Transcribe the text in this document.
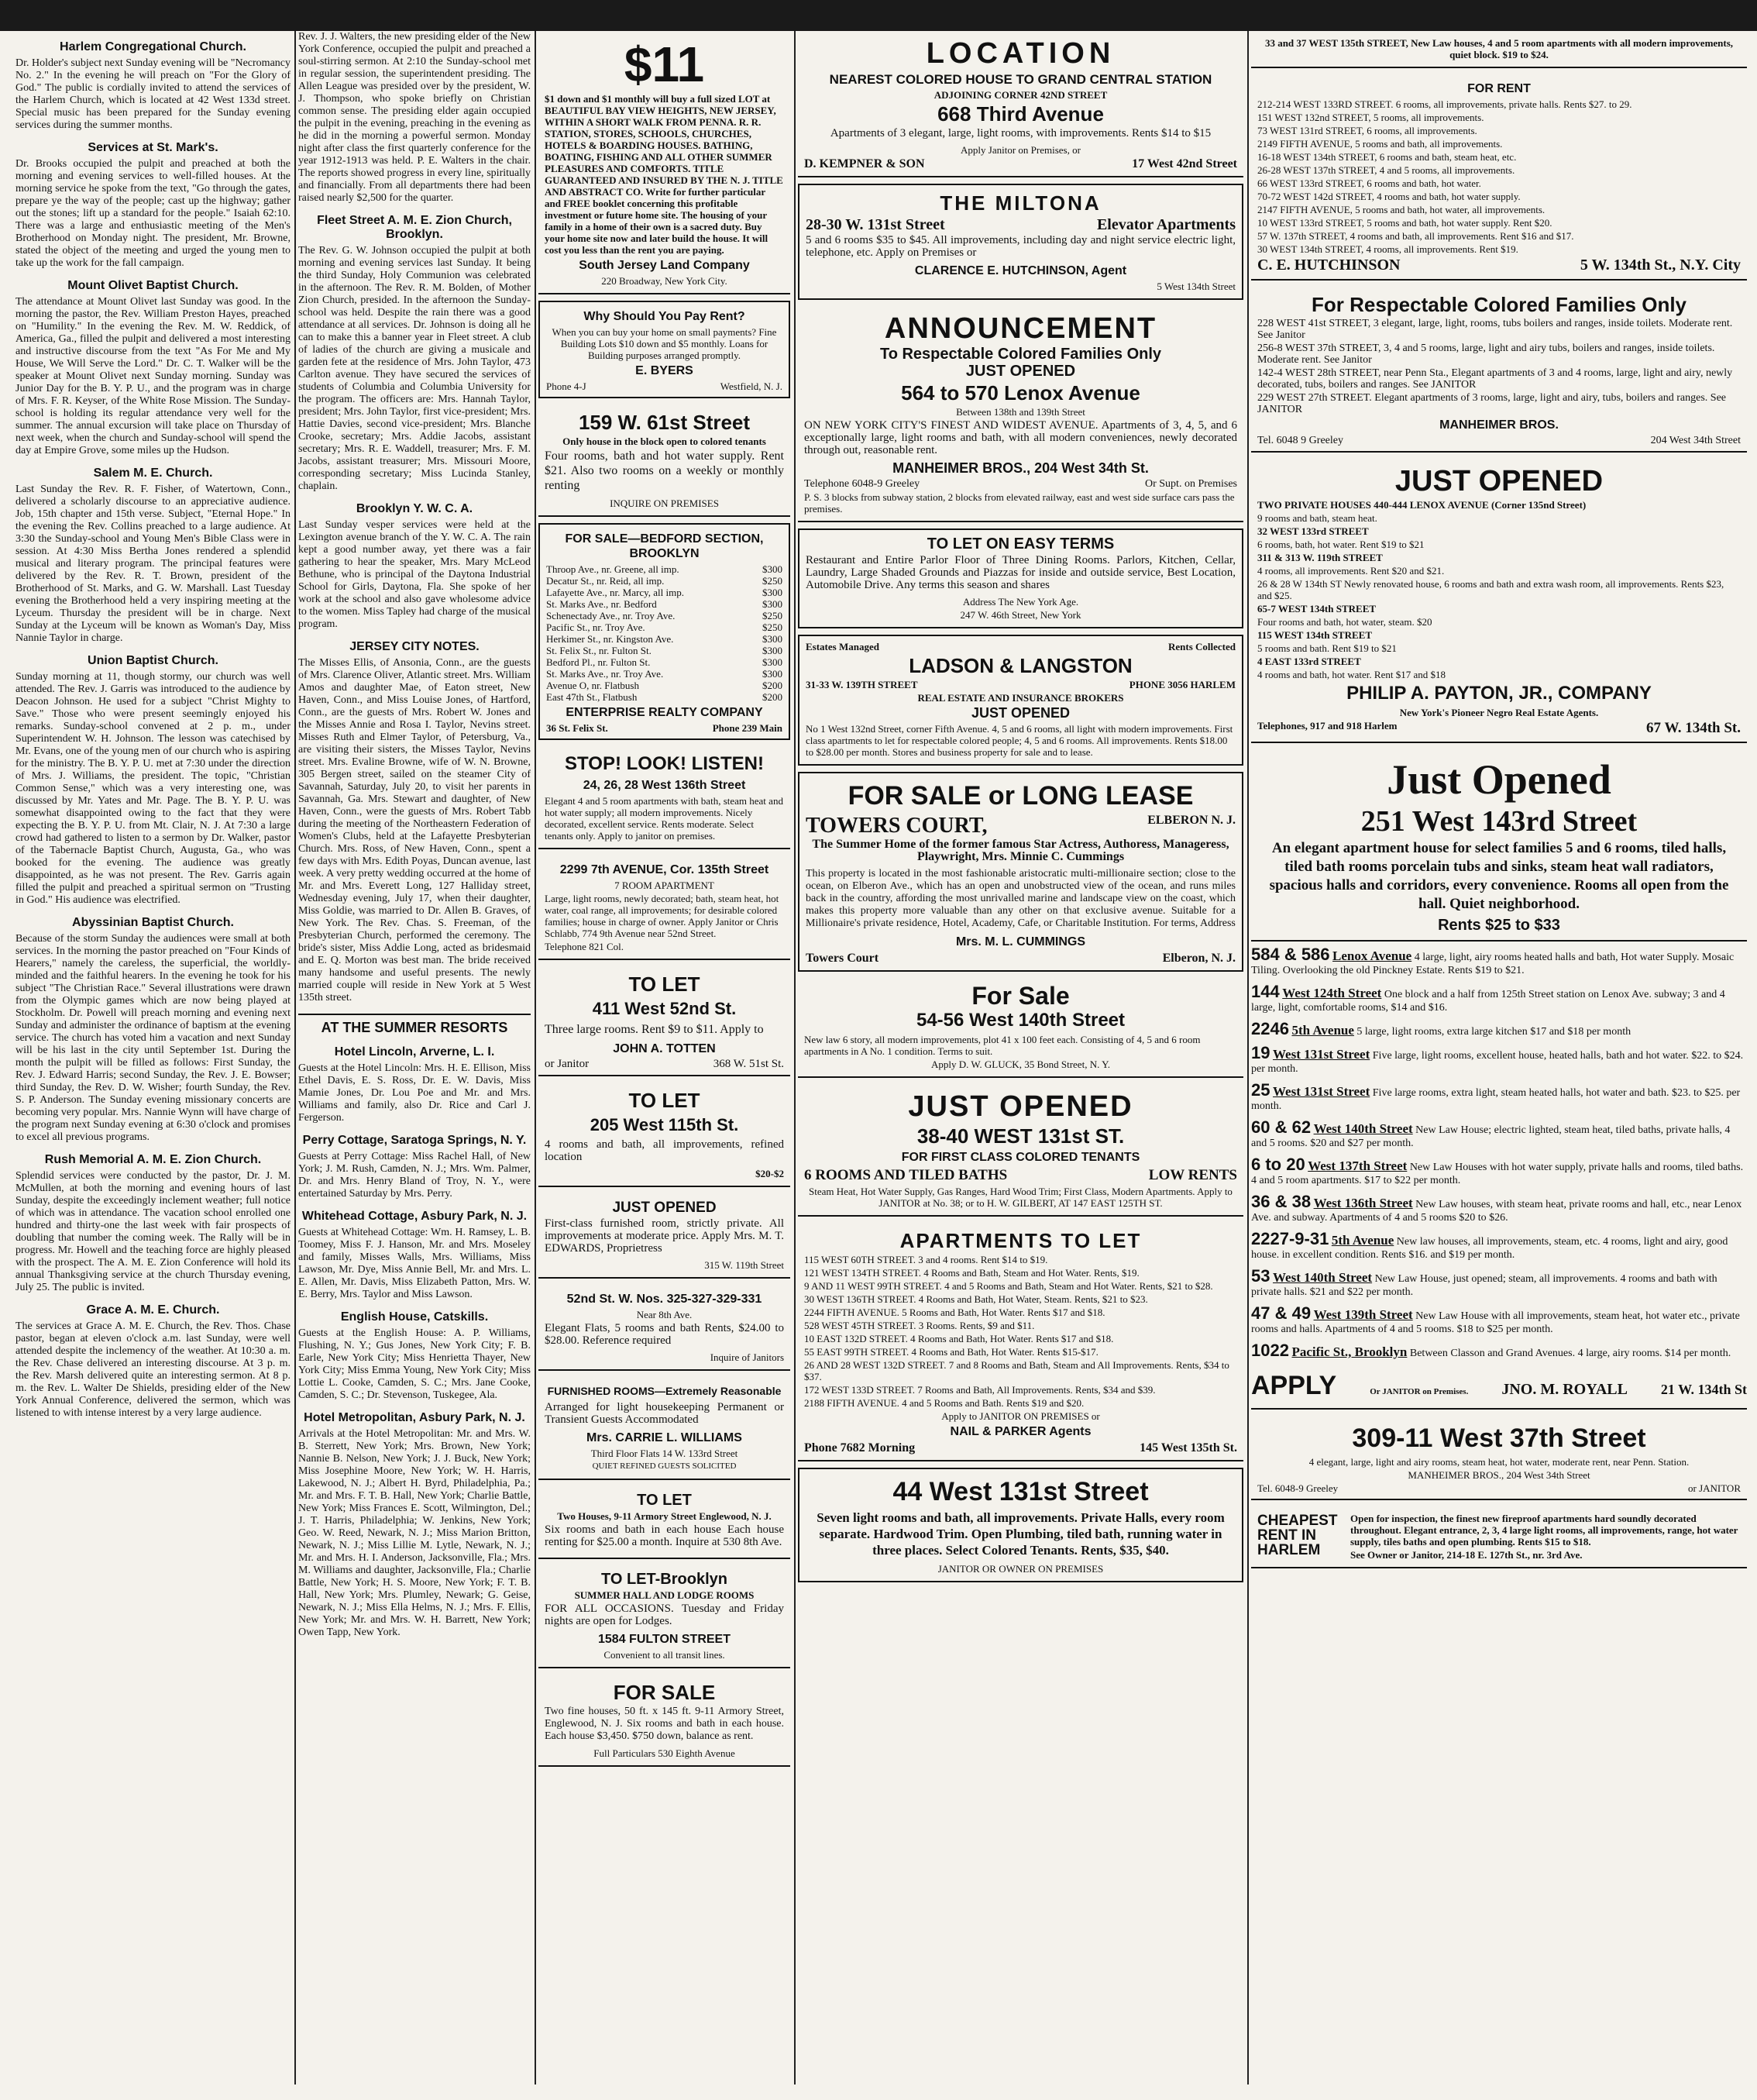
Harlem Congregational Church.

Dr. Holder's subject next Sunday evening will be "Necromancy No. 2." In the evening he will preach on "For the Glory of God." The public is cordially invited to attend the services of the Harlem Church, which is located at 42 West 133d street. Special music has been prepared for the Sunday evening services during the summer months.

Services at St. Mark's.

Dr. Brooks occupied the pulpit and preached at both the morning and evening services to well-filled houses. At the morning service he spoke from the text, "Go through the gates, prepare ye the way of the people; cast up the highway; gather out the stones; lift up a standard for the people." Isaiah 62:10. There was a large and enthusiastic meeting of the Men's Brotherhood on Monday night. The president, Mr. Browne, stated the object of the meeting and urged the young men to take up the work for the fall campaign.

Mount Olivet Baptist Church.

The attendance at Mount Olivet last Sunday was good. In the morning the pastor, the Rev. William Preston Hayes, preached on "Humility." In the evening the Rev. M. W. Reddick, of America, Ga., filled the pulpit and delivered a most interesting and instructive discourse from the text "As For Me and My House, We Will Serve the Lord." Dr. C. T. Walker will be the speaker at Mount Olivet next Sunday morning. Sunday was Junior Day for the B. Y. P. U., and the program was in charge of Mrs. F. R. Keyser, of the White Rose Mission. The Sunday-school is holding its regular attendance very well for the summer. The annual excursion will take place on Thursday of next week, when the church and Sunday-school will spend the day at Empire Grove, some miles up the Hudson.

Salem M. E. Church.

Last Sunday the Rev. R. F. Fisher, of Watertown, Conn., delivered a scholarly discourse to an appreciative audience. Job, 15th chapter and 15th verse. Subject, "Eternal Hope." In the evening the Rev. Collins preached to a large audience. At 3:30 the Sunday-school and Young Men's Bible Class were in session. At 4:30 Miss Bertha Jones rendered a splendid musical and literary program. The principal features were delivered by the Rev. R. T. Brown, president of the Brotherhood of St. Marks, and G. W. Marshall. Last Tuesday evening the Brotherhood held a very inspiring meeting at the Lyceum. Thursday the president will be in charge. Next Sunday at the Lyceum will be known as Woman's Day, Miss Nannie Taylor in charge.

Union Baptist Church.

Sunday morning at 11, though stormy, our church was well attended. The Rev. J. Garris was introduced to the audience by Deacon Johnson. He used for a subject "Christ Mighty to Save." Those who were present seemingly enjoyed his remarks. Sunday-school convened at 2 p. m., under Superintendent W. H. Johnson. The lesson was catechised by Mr. Evans, one of the young men of our church who is aspiring for the ministry. The B. Y. P. U. met at 7:30 under the direction of Mrs. J. Williams, the president. The topic, "Christian Common Sense," which was a very interesting one, was discussed by Mr. Yates and Mr. Page. The B. Y. P. U. was somewhat disappointed owing to the fact that they were expecting the B. Y. P. U. from Mt. Clair, N. J. At 7:30 a large crowd had gathered to listen to a sermon by Dr. Walker, pastor of the Tabernacle Baptist Church, Augusta, Ga., who was booked for the evening. The audience was greatly disappointed, as he was not present. The Rev. Garris again filled the pulpit and preached a spiritual sermon on "Trusting in God." His audience was electrified.

Abyssinian Baptist Church.

Because of the storm Sunday the audiences were small at both services. In the morning the pastor preached on "Four Kinds of Hearers," namely the careless, the superficial, the worldly-minded and the faithful hearers. In the evening he took for his subject "The Christian Race." Several illustrations were drawn from the Olympic games which are now being played at Stockholm. Dr. Powell will preach morning and evening next Sunday and administer the ordinance of baptism at the evening service. The church has voted him a vacation and next Sunday will be his last in the city until September 1st. During the month the pulpit will be filled as follows: First Sunday, the Rev. J. Edward Harris; second Sunday, the Rev. J. E. Bowser; third Sunday, the Rev. D. W. Wisher; fourth Sunday, the Rev. S. P. Anderson. The Sunday evening missionary concerts are becoming very popular. Mrs. Nannie Wynn will have charge of the program next Sunday evening at 6:30 o'clock and promises to excel all previous programs.

Rush Memorial A. M. E. Zion Church.

Splendid services were conducted by the pastor, Dr. J. M. McMullen, at both the morning and evening hours of last Sunday, despite the exceedingly inclement weather; full notice of which was in attendance. The vacation school enrolled one hundred and thirty-one the last week with fair prospects of doubling that number the coming week. The Rally will be in progress. Mr. Howell and the teaching force are highly pleased with the prospect. The A. M. E. Zion Conference will hold its annual Thanksgiving service at the church Thursday evening, July 25. The public is invited.

Grace A. M. E. Church.

The services at Grace A. M. E. Church, the Rev. Thos. Chase pastor, began at eleven o'clock a.m. last Sunday, were well attended despite the inclemency of the weather. At 10:30 a. m. the Rev. Chase delivered an interesting discourse. At 3 p. m. the Rev. Marsh delivered quite an interesting sermon. At 8 p. m. the Rev. L. Walter De Shields, presiding elder of the New York Annual Conference, delivered the sermon, which was listened to with intense interest by a very large audience.

Rev. J. J. Walters, the new presiding elder of the New York Conference, occupied the pulpit and preached a soul-stirring sermon. At 2:10 the Sunday-school met in regular session, the superintendent presiding. The Allen League was presided over by the president, W. J. Thompson, who spoke briefly on Christian common sense. The presiding elder again occupied the pulpit in the evening, preaching in the evening as he did in the morning a powerful sermon. Monday night after class the first quarterly conference for the year 1912-1913 was held. P. E. Walters in the chair. The reports showed progress in every line, spiritually and financially. From all departments there had been raised nearly $2,500 for the quarter.

Fleet Street A. M. E. Zion Church, Brooklyn.

The Rev. G. W. Johnson occupied the pulpit at both morning and evening services last Sunday. It being the third Sunday, Holy Communion was celebrated in the afternoon. The Rev. R. M. Bolden, of Mother Zion Church, presided. In the afternoon the Sunday-school was held. Despite the rain there was a good attendance at all services. Dr. Johnson is doing all he can to make this a banner year in Fleet street. A club of ladies of the church are giving a musicale and garden fete at the residence of Mrs. John Taylor, 473 Carlton avenue. They have secured the services of students of Columbia and Columbia University for the program. The officers are: Mrs. Hannah Taylor, president; Mrs. John Taylor, first vice-president; Mrs. Hattie Davies, second vice-president; Mrs. Blanche Crooke, secretary; Mrs. Addie Jacobs, assistant secretary; Mrs. R. E. Waddell, treasurer; Mrs. F. M. Jacobs, assistant treasurer; Mrs. Missouri Moore, corresponding secretary; Miss Lucinda Stanley, chaplain.

Brooklyn Y. W. C. A.

Last Sunday vesper services were held at the Lexington avenue branch of the Y. W. C. A. The rain kept a good number away, yet there was a fair gathering to hear the speaker, Mrs. Mary McLeod Bethune, who is principal of the Daytona Industrial School for Girls, Daytona, Fla. She spoke of her work at the school and also gave wholesome advice to the women. Miss Tapley had charge of the musical program.

JERSEY CITY NOTES.

The Misses Ellis, of Ansonia, Conn., are the guests of Mrs. Clarence Oliver, Atlantic street. Mrs. William Amos and daughter Mae, of Eaton street, New Haven, Conn., and Miss Louise Jones, of Hartford, Conn., are the guests of Mrs. Robert W. Jones and the Misses Annie and Rosa I. Taylor, Nevins street. Misses Ruth and Elmer Taylor, of Petersburg, Va., are visiting their sisters, the Misses Taylor, Nevins street. Mrs. Evaline Browne, wife of W. N. Browne, 305 Bergen street, sailed on the steamer City of Savannah, Saturday, July 20, to visit her parents in Savannah, Ga. Mrs. Stewart and daughter, of New Haven, Conn., were the guests of Mrs. Robert Tabb during the meeting of the Northeastern Federation of Women's Clubs, held at the Lafayette Presbyterian Church. Mrs. Ross, of New Haven, Conn., spent a few days with Mrs. Edith Poyas, Duncan avenue, last week. A very pretty wedding occurred at the home of Mr. and Mrs. Everett Long, 127 Halliday street, Wednesday evening, July 17, when their daughter, Miss Goldie, was married to Dr. Allen B. Graves, of New York. The Rev. Chas. S. Freeman, of the Presbyterian Church, performed the ceremony. The bride's sister, Miss Addie Long, acted as bridesmaid and E. Q. Morton was best man. The bride received many handsome and useful presents. The newly married couple will reside in New York at 5 West 135th street.

AT THE SUMMER RESORTS
Hotel Lincoln, Arverne, L. I.

Guests at the Hotel Lincoln: Mrs. H. E. Ellison, Miss Ethel Davis, E. S. Ross, Dr. E. W. Davis, Miss Mamie Jones, Dr. Lou Poe and Mr. and Mrs. Williams and family, also Dr. Rice and Carl J. Fergerson.

Perry Cottage, Saratoga Springs, N. Y.

Guests at Perry Cottage: Miss Rachel Hall, of New York; J. M. Rush, Camden, N. J.; Mrs. Wm. Palmer, Dr. and Mrs. Henry Bland of Troy, N. Y., were entertained Saturday by Mrs. Perry.

Whitehead Cottage, Asbury Park, N. J.

Guests at Whitehead Cottage: Wm. H. Ramsey, L. B. Toomey, Miss F. J. Hanson, Mr. and Mrs. Moseley and family, Misses Walls, Mrs. Williams, Miss Lawson, Mr. Dye, Miss Annie Bell, Mr. and Mrs. L. E. Allen, Mr. Davis, Miss Elizabeth Patton, Mrs. W. E. Berry, Mrs. Taylor and Miss Lawson.

English House, Catskills.

Guests at the English House: A. P. Williams, Flushing, N. Y.; Gus Jones, New York City; F. B. Earle, New York City; Miss Henrietta Thayer, New York City; Miss Emma Young, New York City; Miss Lottie L. Cooke, Camden, S. C.; Mrs. Jane Cooke, Camden, S. C.; Dr. Stevenson, Tuskegee, Ala.

Hotel Metropolitan, Asbury Park, N. J.

Arrivals at the Hotel Metropolitan: Mr. and Mrs. W. B. Sterrett, New York; Mrs. Brown, New York; Nannie B. Nelson, New York; J. J. Buck, New York; Miss Josephine Moore, New York; W. H. Harris, Lakewood, N. J.; Albert H. Byrd, Philadelphia, Pa.; Mr. and Mrs. F. T. B. Hall, New York; Charlie Battle, New York; Miss Frances E. Scott, Wilmington, Del.; J. T. Harris, Philadelphia; W. Jenkins, New York; Geo. W. Reed, Newark, N. J.; Miss Marion Britton, Newark, N. J.; Miss Lillie M. Lytle, Newark, N. J.; Mr. and Mrs. H. I. Anderson, Jacksonville, Fla.; Mrs. M. Williams and daughter, Jacksonville, Fla.; Charlie Battle, New York; H. S. Moore, New York; F. T. B. Hall, New York; Mrs. Plumley, Newark; G. Geise, Newark, N. J.; Miss Ella Helms, N. J.; Mrs. F. Ellis, New York; Mr. and Mrs. W. H. Barrett, New York; Owen Tapp, New York.

$11

$1 down and $1 monthly will buy a full sized LOT at BEAUTIFUL BAY VIEW HEIGHTS, NEW JERSEY, WITHIN A SHORT WALK FROM PENNA. R. R. STATION, STORES, SCHOOLS, CHURCHES, HOTELS & BOARDING HOUSES. BATHING, BOATING, FISHING AND ALL OTHER SUMMER PLEASURES AND COMFORTS. TITLE GUARANTEED AND INSURED BY THE N. J. TITLE AND ABSTRACT CO. Write for further particular and FREE booklet concerning this profitable investment or future home site. The housing of your family in a home of their own is a sacred duty. Buy your home site now and later build the house. It will cost you less than the rent you are paying.

South Jersey Land Company
220 Broadway, New York City.
Why Should You Pay Rent?

When you can buy your home on small payments? Fine Building Lots $10 down and $5 monthly. Loans for Building purposes arranged promptly.

E. BYERS
Phone 4-J	Westfield, N. J.
159 W. 61st Street
Only house in the block open to colored tenants

Four rooms, bath and hot water supply. Rent $21. Also two rooms on a weekly or monthly renting

INQUIRE ON PREMISES
FOR SALE—BEDFORD SECTION, BROOKLYN
Throop Ave., nr. Greene, all imp.	$300
Decatur St., nr. Reid, all imp.	$250
Lafayette Ave., nr. Marcy, all imp.	$300
St. Marks Ave., nr. Bedford	$300
Schenectady Ave., nr. Troy Ave.	$250
Pacific St., nr. Troy Ave.	$250
Herkimer St., nr. Kingston Ave.	$300
St. Felix St., nr. Fulton St.	$300
Bedford Pl., nr. Fulton St.	$300
St. Marks Ave., nr. Troy Ave.	$300
Avenue O, nr. Flatbush	$200
East 47th St., Flatbush	$200
ENTERPRISE REALTY COMPANY
36 St. Felix St.	Phone 239 Main
STOP! LOOK! LISTEN!
24, 26, 28 West 136th Street

Elegant 4 and 5 room apartments with bath, steam heat and hot water supply; all modern improvements. Nicely decorated, excellent service. Rents moderate. Select tenants only. Apply to janitor on premises.

2299 7th AVENUE, Cor. 135th Street
7 ROOM APARTMENT

Large, light rooms, newly decorated; bath, steam heat, hot water, coal range, all improvements; for desirable colored families; house in charge of owner. Apply Janitor or Chris Schlabb, 774 9th Avenue near 52nd Street.

Telephone 821 Col.
TO LET
411 West 52nd St.

Three large rooms. Rent $9 to $11. Apply to

JOHN A. TOTTEN
or Janitor	368 W. 51st St.
TO LET
205 West 115th St.

4 rooms and bath, all improvements, refined location

$20-$2
JUST OPENED

First-class furnished room, strictly private. All improvements at moderate price. Apply Mrs. M. T. EDWARDS, Proprietress

315 W. 119th Street
52nd St. W. Nos. 325-327-329-331
Near 8th Ave.

Elegant Flats, 5 rooms and bath Rents, $24.00 to $28.00. Reference required

Inquire of Janitors
FURNISHED ROOMS—Extremely Reasonable

Arranged for light housekeeping Permanent or Transient Guests Accommodated

Mrs. CARRIE L. WILLIAMS
Third Floor Flats 14 W. 133rd Street
QUIET REFINED GUESTS SOLICITED
TO LET
Two Houses, 9-11 Armory Street Englewood, N. J.

Six rooms and bath in each house Each house renting for $25.00 a month. Inquire at 530 8th Ave.

TO LET-Brooklyn
SUMMER HALL AND LODGE ROOMS

FOR ALL OCCASIONS. Tuesday and Friday nights are open for Lodges.

1584 FULTON STREET
Convenient to all transit lines.
FOR SALE

Two fine houses, 50 ft. x 145 ft. 9-11 Armory Street, Englewood, N. J. Six rooms and bath in each house. Each house $3,450. $750 down, balance as rent.

Full Particulars 530 Eighth Avenue
LOCATION
NEAREST COLORED HOUSE TO GRAND CENTRAL STATION
ADJOINING CORNER 42ND STREET
668 Third Avenue

Apartments of 3 elegant, large, light rooms, with improvements. Rents $14 to $15

Apply Janitor on Premises, or
D. KEMPNER & SON	17 West 42nd Street
THE MILTONA
28-30 W. 131st Street	Elevator Apartments

5 and 6 rooms $35 to $45. All improvements, including day and night service electric light, telephone, etc. Apply on Premises or

CLARENCE E. HUTCHINSON, Agent
5 West 134th Street
ANNOUNCEMENT
To Respectable Colored Families Only
JUST OPENED
564 to 570 Lenox Avenue
Between 138th and 139th Street

ON NEW YORK CITY'S FINEST AND WIDEST AVENUE. Apartments of 3, 4, 5, and 6 exceptionally large, light rooms and bath, with all modern conveniences, newly decorated through out, reasonable rent.

MANHEIMER BROS., 204 West 34th St.
Telephone 6048-9 Greeley	Or Supt. on Premises

P. S. 3 blocks from subway station, 2 blocks from elevated railway, east and west side surface cars pass the premises.

TO LET ON EASY TERMS

Restaurant and Entire Parlor Floor of Three Dining Rooms. Parlors, Kitchen, Cellar, Laundry, Large Shaded Grounds and Piazzas for inside and outside service, Best Location, Automobile Drive. Any terms this season and shares

Address The New York Age.
247 W. 46th Street, New York
Estates Managed	Rents Collected
LADSON & LANGSTON
31-33 W. 139TH STREET	PHONE 3056 HARLEM
REAL ESTATE AND INSURANCE BROKERS
JUST OPENED

No 1 West 132nd Street, corner Fifth Avenue. 4, 5 and 6 rooms, all light with modern improvements. First class apartments to let for respectable colored people; 4, 5 and 6 rooms. All improvements. Rents $18.00 to $28.00 per month. Stores and business property for sale and to lease.

FOR SALE or LONG LEASE
TOWERS COURT,	ELBERON N. J.

The Summer Home of the former famous Star Actress, Authoress, Manageress, Playwright, Mrs. Minnie C. Cummings

This property is located in the most fashionable aristocratic multi-millionaire section; close to the ocean, on Elberon Ave., which has an open and unobstructed view of the ocean, and runs miles back in the country, affording the most unrivalled marine and landscape view on the coast, which makes this property more valuable than any other on that exclusive avenue. Suitable for a Millionaire's private residence, Hotel, Academy, Cafe, or Charitable Institution. For terms, Address

Mrs. M. L. CUMMINGS
Towers Court	Elberon, N. J.
For Sale
54-56 West 140th Street

New law 6 story, all modern improvements, plot 41 x 100 feet each. Consisting of 4, 5 and 6 room apartments in A No. 1 condition. Terms to suit.

Apply D. W. GLUCK, 35 Bond Street, N. Y.
JUST OPENED
38-40 WEST 131st ST.
FOR FIRST CLASS COLORED TENANTS
6 ROOMS AND TILED BATHS	LOW RENTS

Steam Heat, Hot Water Supply, Gas Ranges, Hard Wood Trim; First Class, Modern Apartments. Apply to JANITOR at No. 38; or to H. W. GILBERT, AT 147 EAST 125TH ST.

APARTMENTS TO LET
115 WEST 60TH STREET. 3 and 4 rooms. Rent $14 to $19.
121 WEST 134TH STREET. 4 Rooms and Bath, Steam and Hot Water. Rents, $19.
9 AND 11 WEST 99TH STREET. 4 and 5 Rooms and Bath, Steam and Hot Water. Rents, $21 to $28.
30 WEST 136TH STREET. 4 Rooms and Bath, Hot Water, Steam. Rents, $21 to $23.
2244 FIFTH AVENUE. 5 Rooms and Bath, Hot Water. Rents $17 and $18.
528 WEST 45TH STREET. 3 Rooms. Rents, $9 and $11.
10 EAST 132D STREET. 4 Rooms and Bath, Hot Water. Rents $17 and $18.
55 EAST 99TH STREET. 4 Rooms and Bath, Hot Water. Rents $15-$17.
26 AND 28 WEST 132D STREET. 7 and 8 Rooms and Bath, Steam and All Improvements. Rents, $34 to $37.
172 WEST 133D STREET. 7 Rooms and Bath, All Improvements. Rents, $34 and $39.
2188 FIFTH AVENUE. 4 and 5 Rooms and Bath. Rents $19 and $20.
Apply to JANITOR ON PREMISES or
NAIL & PARKER Agents
Phone 7682 Morning	145 West 135th St.
44 West 131st Street

Seven light rooms and bath, all improvements. Private Halls, every room separate. Hardwood Trim. Open Plumbing, tiled bath, running water in three places. Select Colored Tenants. Rents, $35, $40.

JANITOR OR OWNER ON PREMISES

33 and 37 WEST 135th STREET, New Law houses, 4 and 5 room apartments with all modern improvements, quiet block. $19 to $24.

FOR RENT
212-214 WEST 133RD STREET. 6 rooms, all improvements, private halls. Rents $27. to 29.
151 WEST 132nd STREET, 5 rooms, all improvements.
73 WEST 131rd STREET, 6 rooms, all improvements.
2149 FIFTH AVENUE, 5 rooms and bath, all improvements.
16-18 WEST 134th STREET, 6 rooms and bath, steam heat, etc.
26-28 WEST 137th STREET, 4 and 5 rooms, all improvements.
66 WEST 133rd STREET, 6 rooms and bath, hot water.
70-72 WEST 142d STREET, 4 rooms and bath, hot water supply.
2147 FIFTH AVENUE, 5 rooms and bath, hot water, all improvements.
10 WEST 133rd STREET, 5 rooms and bath, hot water supply. Rent $20.
57 W. 137th STREET, 4 rooms and bath, all improvements. Rent $16 and $17.
30 WEST 134th STREET, 4 rooms, all improvements. Rent $19.
C. E. HUTCHINSON	5 W. 134th St., N.Y. City
For Respectable Colored Families Only

228 WEST 41st STREET, 3 elegant, large, light, rooms, tubs boilers and ranges, inside toilets. Moderate rent. See Janitor

256-8 WEST 37th STREET, 3, 4 and 5 rooms, large, light and airy tubs, boilers and ranges, inside toilets. Moderate rent. See Janitor

142-4 WEST 28th STREET, near Penn Sta., Elegant apartments of 3 and 4 rooms, large, light and airy, newly decorated, tubs, boilers and ranges. See JANITOR

229 WEST 27th STREET. Elegant apartments of 3 rooms, large, light and airy, tubs, boilers and ranges. See JANITOR

MANHEIMER BROS.
Tel. 6048 9 Greeley	204 West 34th Street
JUST OPENED
TWO PRIVATE HOUSES 440-444 LENOX AVENUE (Corner 135nd Street)
9 rooms and bath, steam heat.
32 WEST 133rd STREET
6 rooms, bath, hot water. Rent $19 to $21
311 & 313 W. 119th STREET
4 rooms, all improvements. Rent $20 and $21.
26 & 28 W 134th ST Newly renovated house, 6 rooms and bath and extra wash room, all improvements. Rents $23, and $25.
65-7 WEST 134th STREET
Four rooms and bath, hot water, steam. $20
115 WEST 134th STREET
5 rooms and bath. Rent $19 to $21
4 EAST 133rd STREET
4 rooms and bath, hot water. Rent $17 and $18
PHILIP A. PAYTON, JR., COMPANY
New York's Pioneer Negro Real Estate Agents.
Telephones, 917 and 918 Harlem	67 W. 134th St.
Just Opened
251 West 143rd Street

An elegant apartment house for select families 5 and 6 rooms, tiled halls, tiled bath rooms porcelain tubs and sinks, steam heat wall radiators, spacious halls and corridors, every convenience. Rooms all open from the hall. Quiet neighborhood.

Rents $25 to $33
584 & 586 Lenox Avenue 4 large, light, airy rooms heated halls and bath, Hot water Supply. Mosaic Tiling. Overlooking the old Pinckney Estate. Rents $19 to $21.
144 West 124th Street One block and a half from 125th Street station on Lenox Ave. subway; 3 and 4 large, light, comfortable rooms, $14 and $16.
2246 5th Avenue 5 large, light rooms, extra large kitchen $17 and $18 per month
19 West 131st Street Five large, light rooms, excellent house, heated halls, bath and hot water. $22. to $24. per month.
25 West 131st Street Five large rooms, extra light, steam heated halls, hot water and bath. $23. to $25. per month.
60 & 62 West 140th Street New Law House; electric lighted, steam heat, tiled baths, private halls, 4 and 5 rooms. $20 and $27 per month.
6 to 20 West 137th Street New Law Houses with hot water supply, private halls and rooms, tiled baths. 4 and 5 room apartments. $17 to $22 per month.
36 & 38 West 136th Street New Law houses, with steam heat, private rooms and hall, etc., near Lenox Ave. and subway. Apartments of 4 and 5 rooms $20 to $26.
2227-9-31 5th Avenue New law houses, all improvements, steam, etc. 4 rooms, light and airy, good house. in excellent condition. Rents $16. and $19 per month.
53 West 140th Street New Law House, just opened; steam, all improvements. 4 rooms and bath with private halls. $21 and $22 per month.
47 & 49 West 139th Street New Law House with all improvements, steam heat, hot water etc., private rooms and halls. Apartments of 4 and 5 rooms. $18 to $25 per month.
1022 Pacific St., Brooklyn Between Classon and Grand Avenues. 4 large, airy rooms. $14 per month.
APPLY	Or JANITOR on Premises. JNO. M. ROYALL 21 W. 134th St
309-11 West 37th Street

4 elegant, large, light and airy rooms, steam heat, hot water, moderate rent, near Penn. Station.

MANHEIMER BROS., 204 West 34th Street
Tel. 6048-9 Greeley	or JANITOR
CHEAPEST RENT IN HARLEM

Open for inspection, the finest new fireproof apartments hard soundly decorated throughout. Elegant entrance, 2, 3, 4 large light rooms, all improvements, range, hot water supply, tiles baths and open plumbing. Rents $15 to $18.

See Owner or Janitor, 214-18 E. 127th St., nr. 3rd Ave.
